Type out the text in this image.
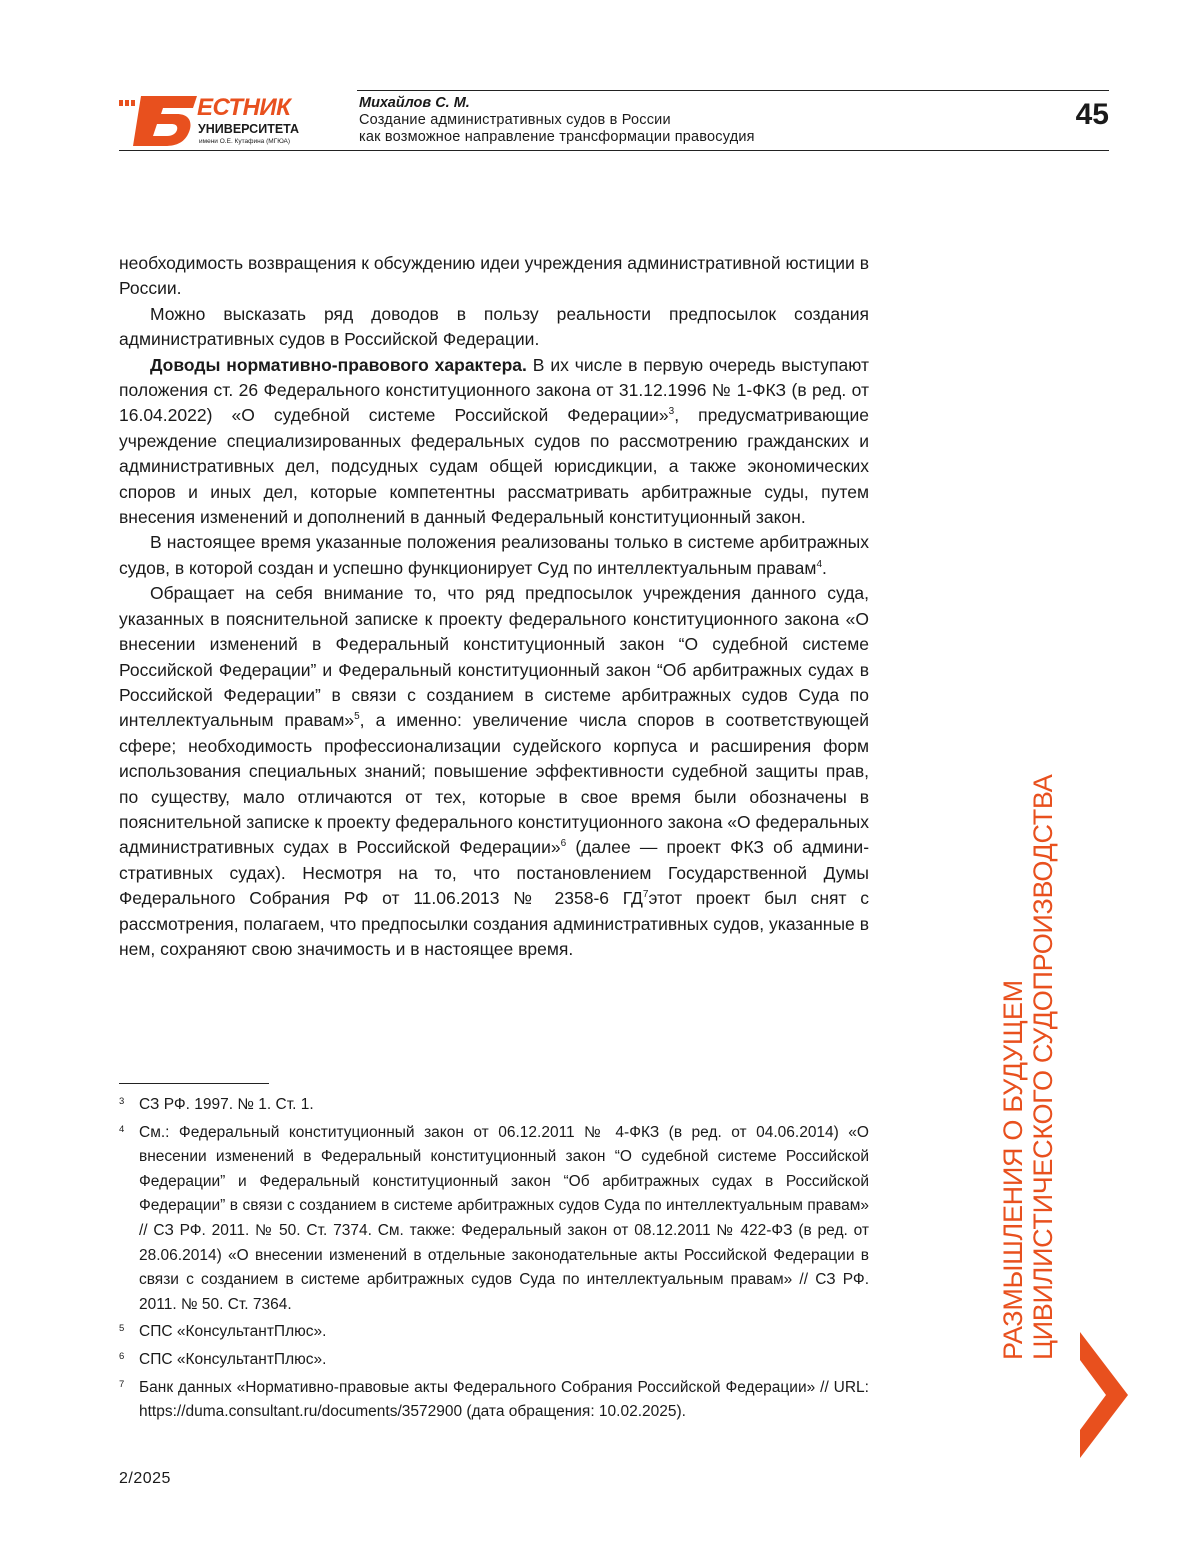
ЕСТНИК
УНИВЕРСИТЕТА
имени О.Е. Кутафина (МГЮА)
Михайлов С. М.
Создание административных судов в России
как возможное направление трансформации правосудия
45

необходимость возвращения к обсуждению идеи учреждения административной юстиции в России.

Можно высказать ряд доводов в пользу реальности предпосылок создания административных судов в Российской Федерации.

Доводы нормативно-правового характера. В их числе в первую очередь выступают положения ст. 26 Федерального конституционного закона от 31.12.1996 № 1-ФКЗ (в ред. от 16.04.2022) «О судебной системе Российской Федерации»3, предусматривающие учреждение специализированных федеральных судов по рассмотрению гражданских и административных дел, подсудных судам общей юрисдикции, а также экономических споров и иных дел, которые компетентны рассматривать арбитражные суды, путем внесения изменений и дополнений в данный Федеральный конституционный закон.

В настоящее время указанные положения реализованы только в системе арбитражных судов, в которой создан и успешно функционирует Суд по интел­лектуальным правам4.

Обращает на себя внимание то, что ряд предпосылок учреждения данного суда, указанных в пояснительной записке к проекту федерального конституци­онного закона «О внесении изменений в Федеральный конституционный закон “О судебной системе Российской Федерации” и Федеральный конституционный закон “Об арбитражных судах в Российской Федерации” в связи с созданием в системе арбитражных судов Суда по интеллектуальным правам»5, а именно: увеличение числа споров в соответствующей сфере; необходимость профессио­нализации судейского корпуса и расширения форм использования специальных знаний; повышение эффективности судебной защиты прав, по существу, мало отличаются от тех, которые в свое время были обозначены в пояснительной за­писке к проекту федерального конституционного закона «О федеральных адми­нистративных судах в Российской Федерации»6 (далее — проект ФКЗ об админи­стративных судах). Несмотря на то, что постановлением Государственной Думы Федерального Собрания РФ от 11.06.2013 № 2358-6 ГД7этот проект был снят с рассмотрения, полагаем, что предпосылки создания административных судов, указанные в нем, сохраняют свою значимость и в настоящее время.

3 СЗ РФ. 1997. № 1. Ст. 1.
4 См.: Федеральный конституционный закон от 06.12.2011 № 4-ФКЗ (в ред. от 04.06.2014) «О внесении изменений в Федеральный конституционный закон “О судебной системе Российской Федерации” и Федеральный конституционный закон “Об арбитражных судах в Российской Федерации” в связи с созданием в системе арбитражных судов Суда по интеллектуальным правам» // СЗ РФ. 2011. № 50. Ст. 7374. См. также: Федеральный закон от 08.12.2011 № 422-ФЗ (в ред. от 28.06.2014) «О внесении изменений в отдель­ные законодательные акты Российской Федерации в связи с созданием в системе арби­тражных судов Суда по интеллектуальным правам» // СЗ РФ. 2011. № 50. Ст. 7364.
5 СПС «КонсультантПлюс».
6 СПС «КонсультантПлюс».
7 Банк данных «Нормативно-правовые акты Федерального Собрания Российской Федера­ции» // URL: https://duma.consultant.ru/documents/3572900 (дата обращения: 10.02.2025).
РАЗМЫШЛЕНИЯ О БУДУЩЕМ
ЦИВИЛИСТИЧЕСКОГО СУДОПРОИЗВОДСТВА
2/2025
